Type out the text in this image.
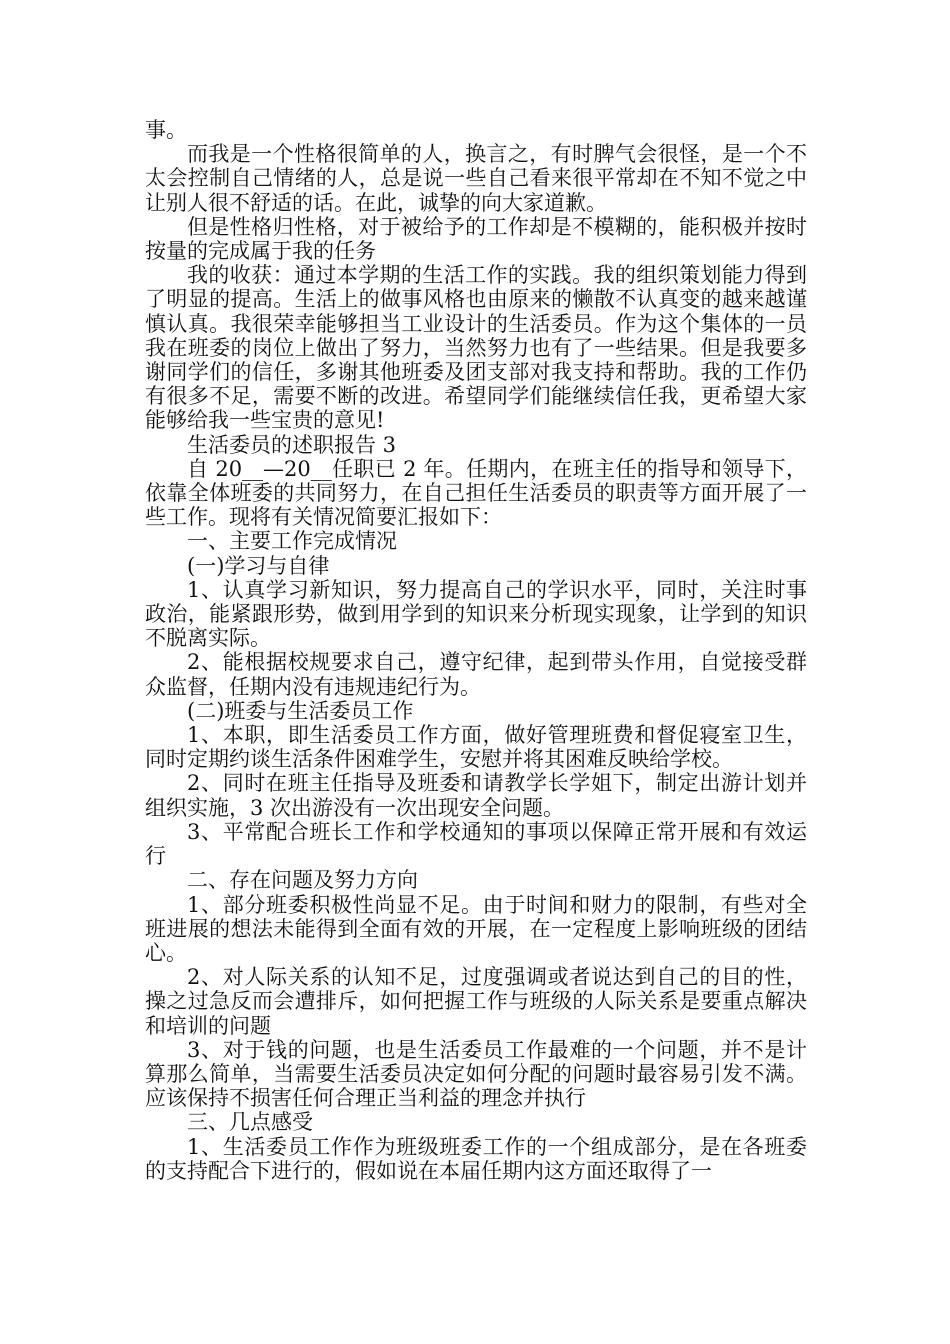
事。

而我是一个性格很简单的人，换言之，有时脾气会很怪，是一个不太会控制自己情绪的人，总是说一些自己看来很平常却在不知不觉之中让别人很不舒适的话。在此，诚挚的向大家道歉。

但是性格归性格，对于被给予的工作却是不模糊的，能积极并按时按量的完成属于我的任务

我的收获：通过本学期的生活工作的实践。我的组织策划能力得到了明显的提高。生活上的做事风格也由原来的懒散不认真变的越来越谨慎认真。我很荣幸能够担当工业设计的生活委员。作为这个集体的一员我在班委的岗位上做出了努力，当然努力也有了一些结果。但是我要多谢同学们的信任，多谢其他班委及团支部对我支持和帮助。我的工作仍有很多不足，需要不断的改进。希望同学们能继续信任我，更希望大家能够给我一些宝贵的意见!

生活委员的述职报告 3

自 20__—20__任职已 2 年。任期内，在班主任的指导和领导下，依靠全体班委的共同努力，在自己担任生活委员的职责等方面开展了一些工作。现将有关情况简要汇报如下：

一、主要工作完成情况

(一)学习与自律

1、认真学习新知识，努力提高自己的学识水平，同时，关注时事政治，能紧跟形势，做到用学到的知识来分析现实现象，让学到的知识不脱离实际。

2、能根据校规要求自己，遵守纪律，起到带头作用，自觉接受群众监督，任期内没有违规违纪行为。

(二)班委与生活委员工作

1、本职，即生活委员工作方面，做好管理班费和督促寝室卫生，同时定期约谈生活条件困难学生，安慰并将其困难反映给学校。

2、同时在班主任指导及班委和请教学长学姐下，制定出游计划并组织实施，3 次出游没有一次出现安全问题。

3、平常配合班长工作和学校通知的事项以保障正常开展和有效运行

二、存在问题及努力方向

1、部分班委积极性尚显不足。由于时间和财力的限制，有些对全班进展的想法未能得到全面有效的开展，在一定程度上影响班级的团结心。

2、对人际关系的认知不足，过度强调或者说达到自己的目的性，操之过急反而会遭排斥，如何把握工作与班级的人际关系是要重点解决和培训的问题

3、对于钱的问题，也是生活委员工作最难的一个问题，并不是计算那么简单，当需要生活委员决定如何分配的问题时最容易引发不满。应该保持不损害任何合理正当利益的理念并执行

三、几点感受

1、生活委员工作作为班级班委工作的一个组成部分，是在各班委的支持配合下进行的，假如说在本届任期内这方面还取得了一
